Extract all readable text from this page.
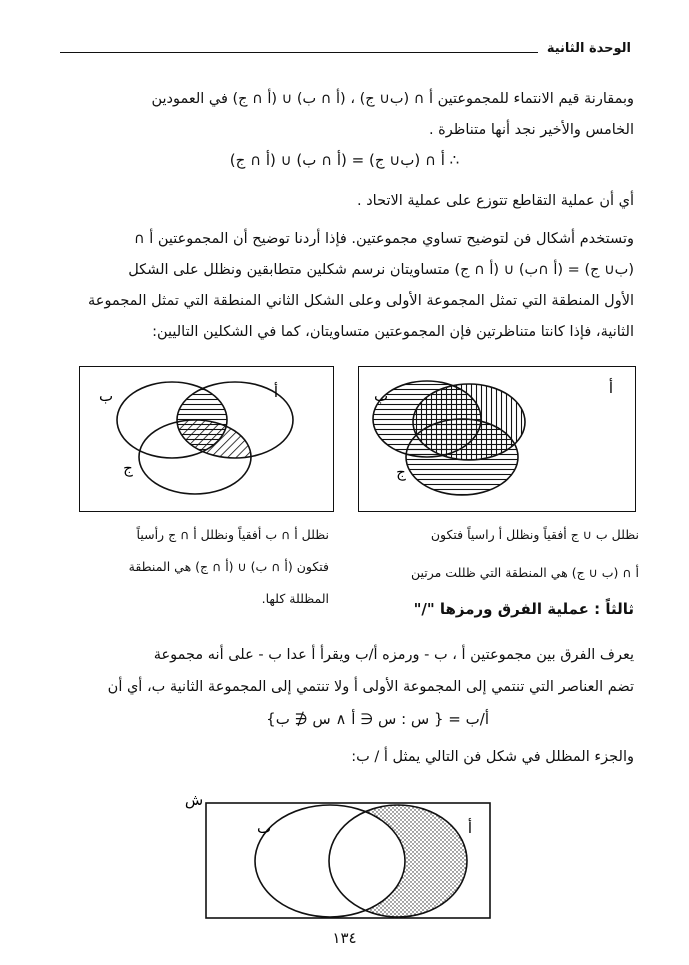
الوحدة الثانية
وبمقارنة قيم الانتماء للمجموعتين أ ∩ (ب∪ ج) ، (أ ∩ ب) ∪ (أ ∩ ج) في العمودين
الخامس والأخير نجد أنها متناظرة .
∴ أ ∩ (ب∪ ج) = (أ ∩ ب) ∪ (أ ∩ ج)
أي أن عملية التقاطع تتوزع على عملية الاتحاد .
وتستخدم أشكال فن لتوضيح تساوي مجموعتين. فإذا أردنا توضيح أن المجموعتين أ ∩
(ب∪ ج) = (أ ∩ب) ∪ (أ ∩ ج) متساويتان نرسم شكلين متطابقين ونظلل على الشكل
الأول المنطقة التي تمثل المجموعة الأولى وعلى الشكل الثاني المنطقة التي تمثل المجموعة
الثانية، فإذا كانتا متناظرتين فإن المجموعتين متساويتان، كما في الشكلين التاليين:
أ
ب
ج
أ
ب
ج
نظلل ب ∪ ج أفقياً ونظلل أ راسياً فتكون
أ ∩ (ب ∪ ج) هي المنطقة التي ظللت مرتين
نظلل أ ∩ ب أفقياً ونظلل أ ∩ ج رأسياً
فتكون (أ ∩ ب) ∪ (أ ∩ ج) هي المنطقة
المظللة كلها.
ثالثاً : عملية الفرق ورمزها "/"
يعرف الفرق بين مجموعتين أ ، ب - ورمزه أ/ب ويقرأ أ عدا ب - على أنه مجموعة
تضم العناصر التي تنتمي إلى المجموعة الأولى أ ولا تنتمي إلى المجموعة الثانية ب، أي أن
أ/ب = { س : س ∈ أ ∧ س ∉ ب}
والجزء المظلل في شكل فن التالي يمثل أ / ب:
ش
أ
ب
١٣٤
